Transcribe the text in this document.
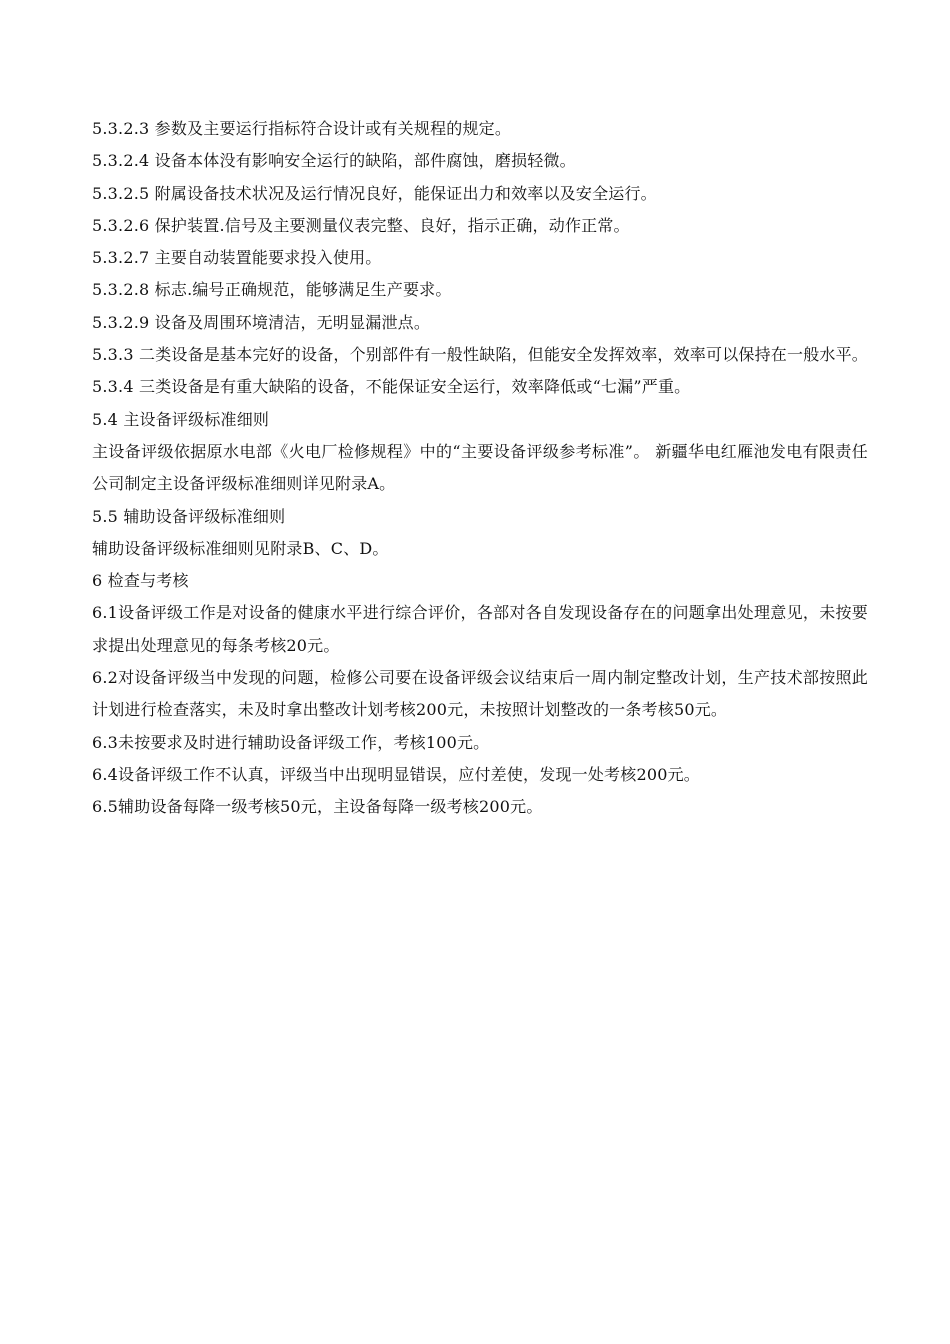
5.3.2.3 参数及主要运行指标符合设计或有关规程的规定。

5.3.2.4 设备本体没有影响安全运行的缺陷，部件腐蚀，磨损轻微。

5.3.2.5 附属设备技术状况及运行情况良好，能保证出力和效率以及安全运行。

5.3.2.6 保护装置.信号及主要测量仪表完整、良好，指示正确，动作正常。

5.3.2.7 主要自动装置能要求投入使用。

5.3.2.8 标志.编号正确规范，能够满足生产要求。

5.3.2.9 设备及周围环境清洁，无明显漏泄点。

5.3.3 二类设备是基本完好的设备，个别部件有一般性缺陷，但能安全发挥效率，效率可以保持在一般水平。

5.3.4 三类设备是有重大缺陷的设备，不能保证安全运行，效率降低或“七漏”严重。

5.4 主设备评级标准细则

主设备评级依据原水电部《火电厂检修规程》中的“主要设备评级参考标准”。 新疆华电红雁池发电有限责任公司制定主设备评级标准细则详见附录A。

5.5 辅助设备评级标准细则

辅助设备评级标准细则见附录B、C、D。

6 检查与考核

6.1设备评级工作是对设备的健康水平进行综合评价，各部对各自发现设备存在的问题拿出处理意见，未按要求提出处理意见的每条考核20元。

6.2对设备评级当中发现的问题，检修公司要在设备评级会议结束后一周内制定整改计划，生产技术部按照此计划进行检查落实，未及时拿出整改计划考核200元，未按照计划整改的一条考核50元。

6.3未按要求及时进行辅助设备评级工作，考核100元。

6.4设备评级工作不认真，评级当中出现明显错误，应付差使，发现一处考核200元。

6.5辅助设备每降一级考核50元，主设备每降一级考核200元。
